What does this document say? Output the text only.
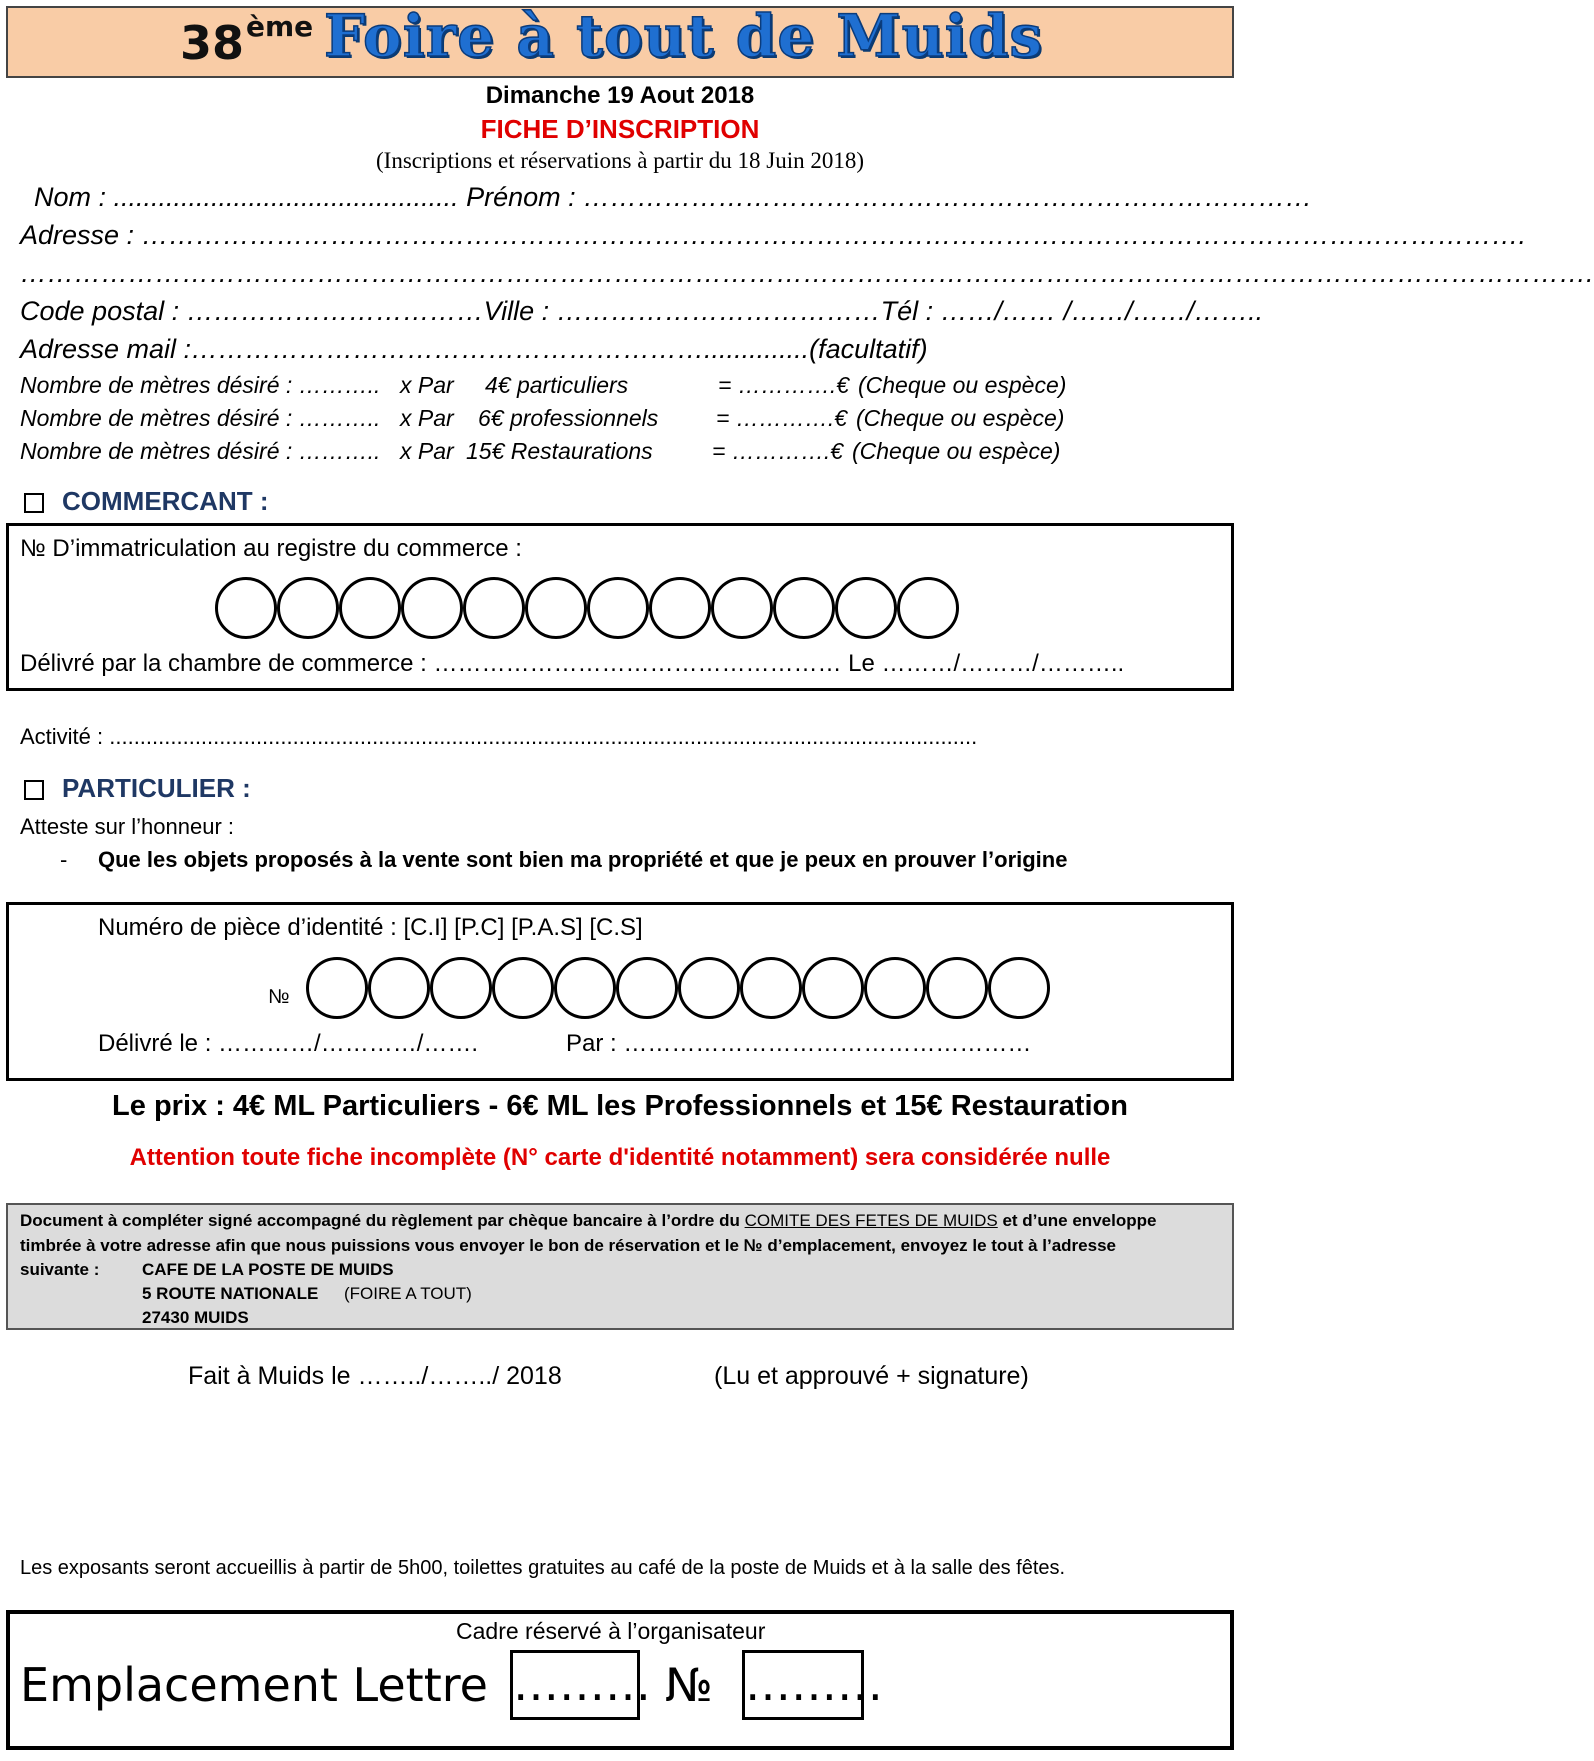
38 ème Foire à tout de Muids
Dimanche 19 Aout 2018
FICHE D’INSCRIPTION
(Inscriptions et réservations à partir du 18 Juin 2018)
Nom : .............................................. Prénom : ………………………………………………………………………
Adresse : ……………………………………………………………………………………………………………………………………….
………………………………………………………………………………………………………………………………………………………….
Code postal : ……………………………Ville : ………………………………Tél : ……/…… /……/……/……..
Adresse mail :…………………………………………………..............(facultatif)
Nombre de mètres désiré : ……….. x Par 4€ particuliers	= ………….€ (Cheque ou espèce)
Nombre de mètres désiré : ……….. x Par 6€ professionnels	= ………….€ (Cheque ou espèce)
Nombre de mètres désiré : ……….. x Par 15€ Restaurations	= ………….€ (Cheque ou espèce)
COMMERCANT :
№ D’immatriculation au registre du commerce :
Délivré par la chambre de commerce : …………………………………………… Le ………/………/………..
Activité : ..............................................................................................................................................
PARTICULIER :
Atteste sur l’honneur :
- Que les objets proposés à la vente sont bien ma propriété et que je peux en prouver l’origine
Numéro de pièce d’identité : [C.I] [P.C] [P.A.S] [C.S]
№
Délivré le : …………/…………/…….	Par : ……………………………………………
Le prix : 4€ ML Particuliers - 6€ ML les Professionnels et 15€ Restauration
Attention toute fiche incomplète (N° carte d'identité notamment) sera considérée nulle
Document à compléter signé accompagné du règlement par chèque bancaire à l’ordre du COMITE DES FETES DE MUIDS et d’une enveloppe
timbrée à votre adresse afin que nous puissions vous envoyer le bon de réservation et le № d’emplacement, envoyez le tout à l’adresse
suivante :	CAFE DE LA POSTE DE MUIDS
5 ROUTE NATIONALE (FOIRE A TOUT)
27430 MUIDS
Fait à Muids le ……../……../ 2018	(Lu et approuvé + signature)
Les exposants seront accueillis à partir de 5h00, toilettes gratuites au café de la poste de Muids et à la salle des fêtes.
Cadre réservé à l’organisateur
Emplacement Lettre ……… № ………
